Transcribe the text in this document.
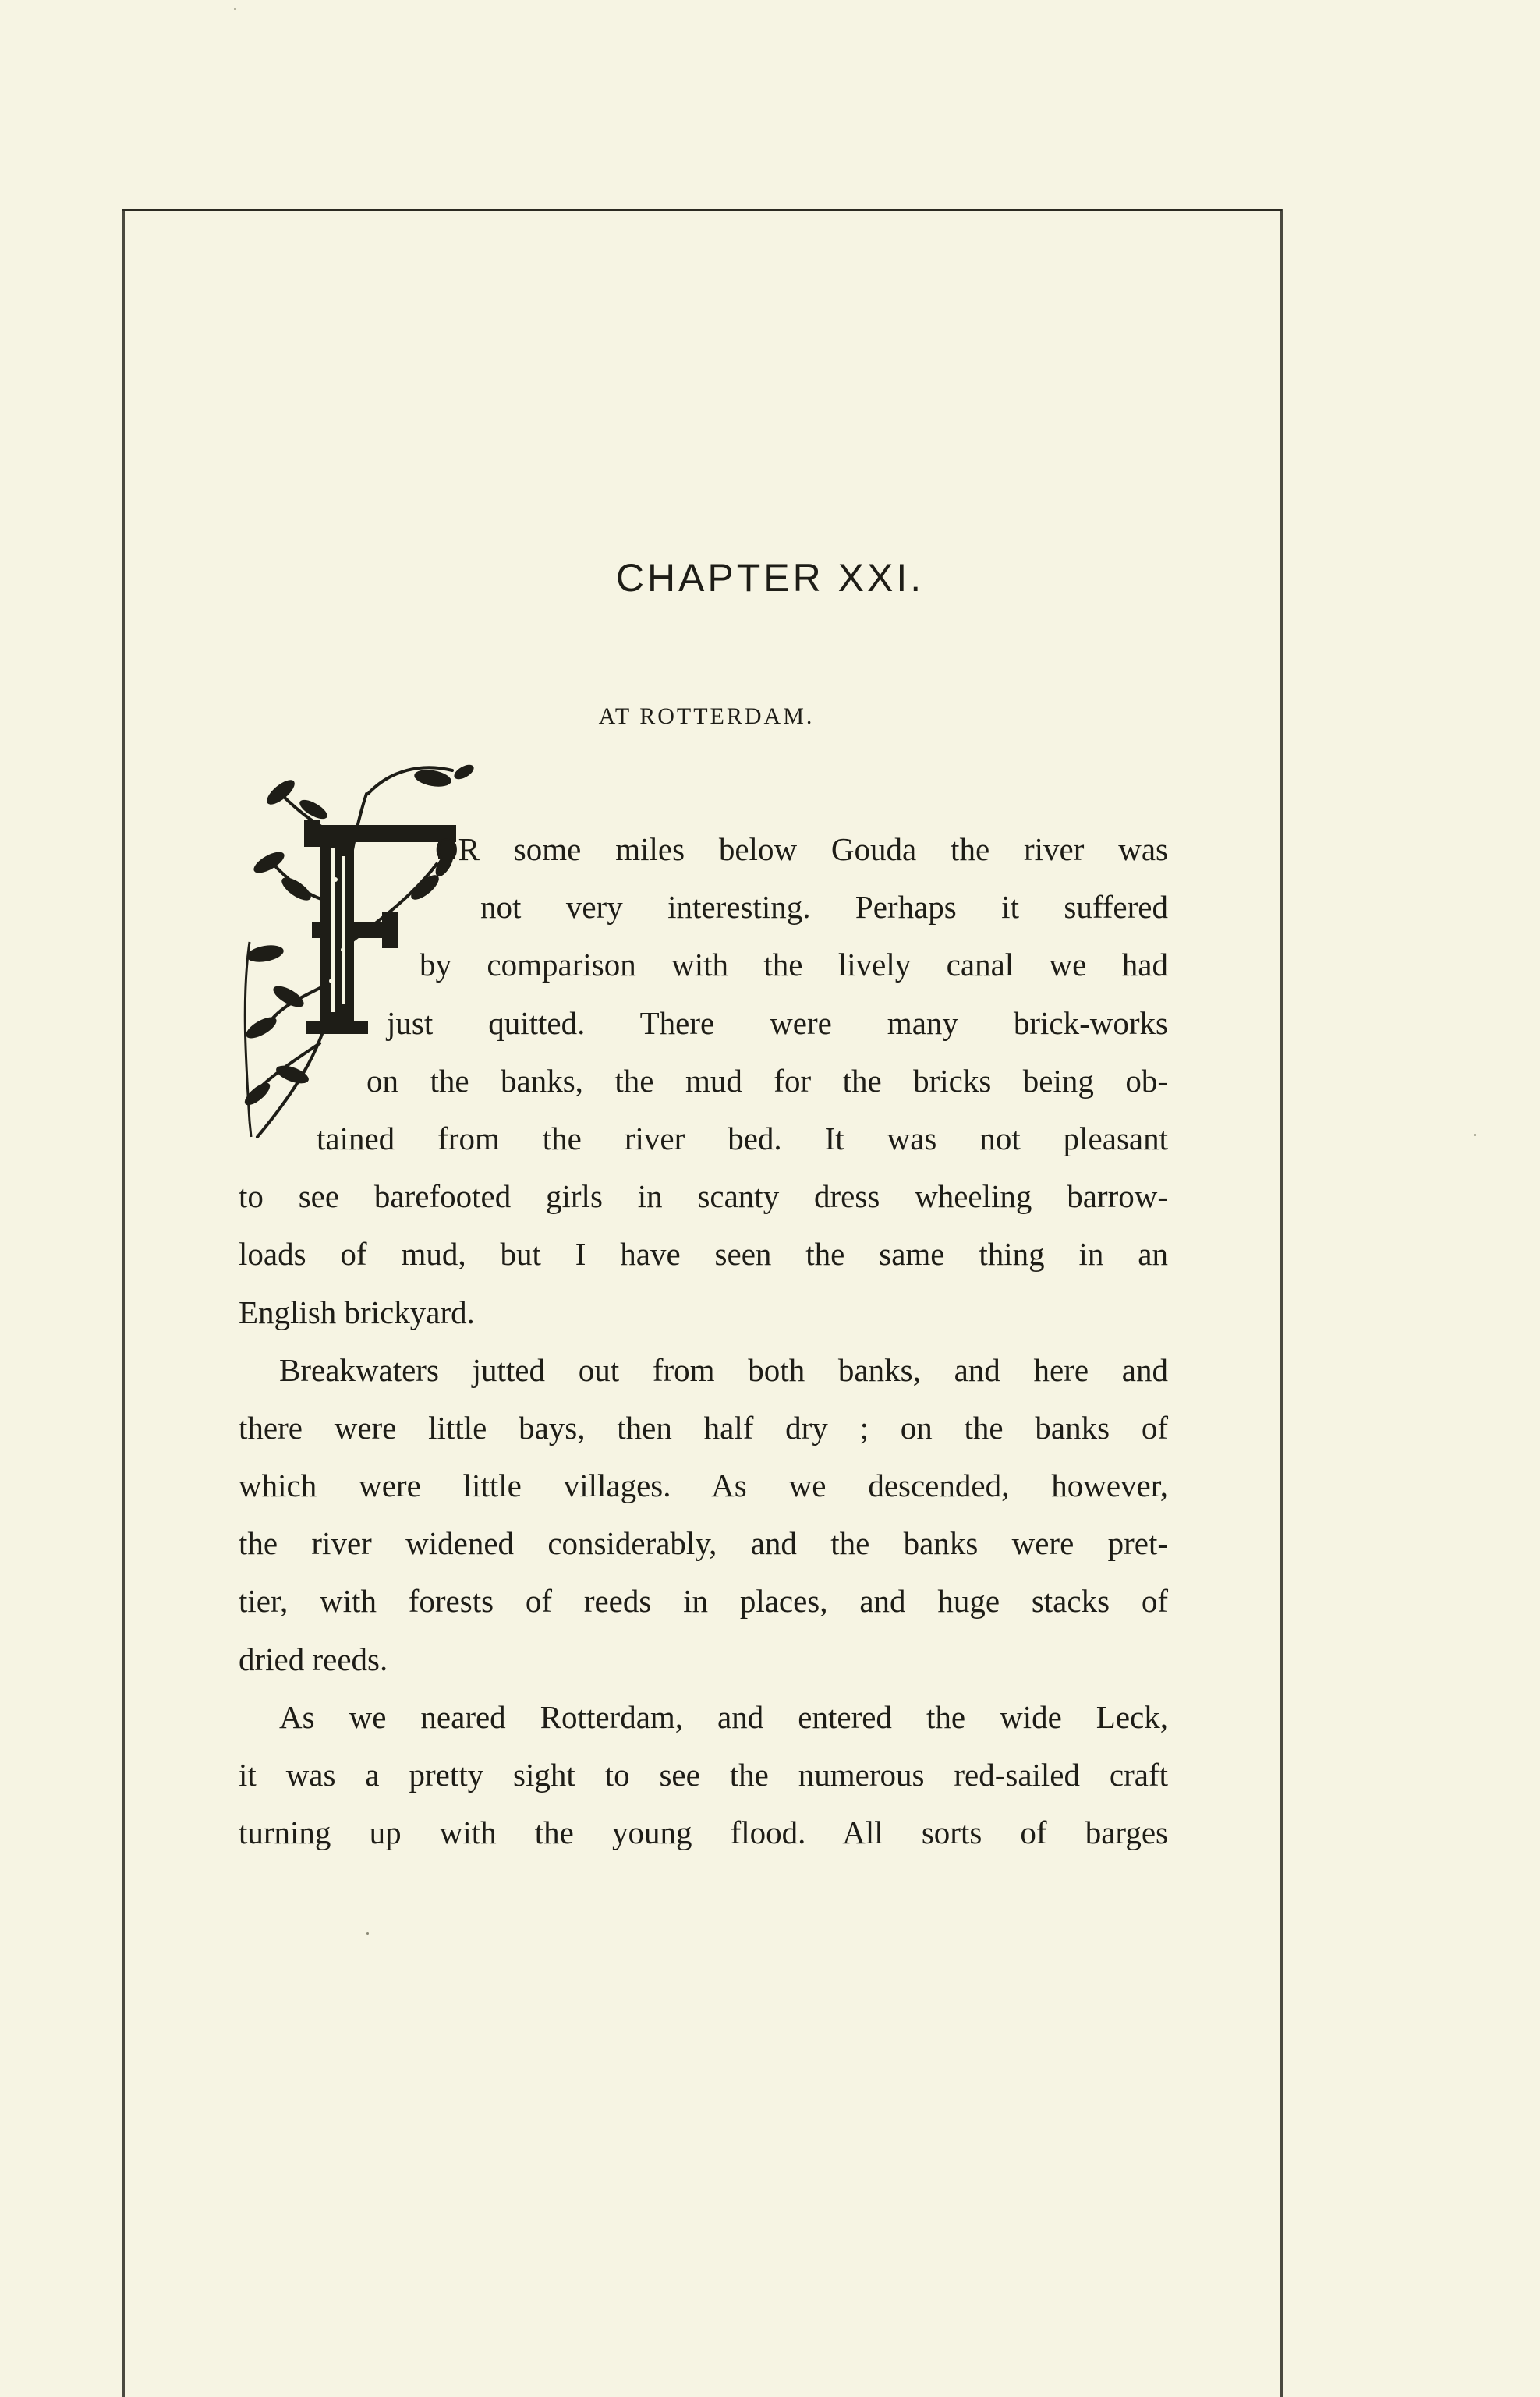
CHAPTER XXI.
AT ROTTERDAM.
OR some miles below Gouda the river was
not very interesting. Perhaps it suffered
by comparison with the lively canal we had
just quitted. There were many brick-works
on the banks, the mud for the bricks being ob-
tained from the river bed. It was not pleasant
to see barefooted girls in scanty dress wheeling barrow-
loads of mud, but I have seen the same thing in an
English brickyard.
Breakwaters jutted out from both banks, and here and
there were little bays, then half dry ; on the banks of
which were little villages. As we descended, however,
the river widened considerably, and the banks were pret-
tier, with forests of reeds in places, and huge stacks of
dried reeds.
As we neared Rotterdam, and entered the wide Leck,
it was a pretty sight to see the numerous red-sailed craft
turning up with the young flood. All sorts of barges
